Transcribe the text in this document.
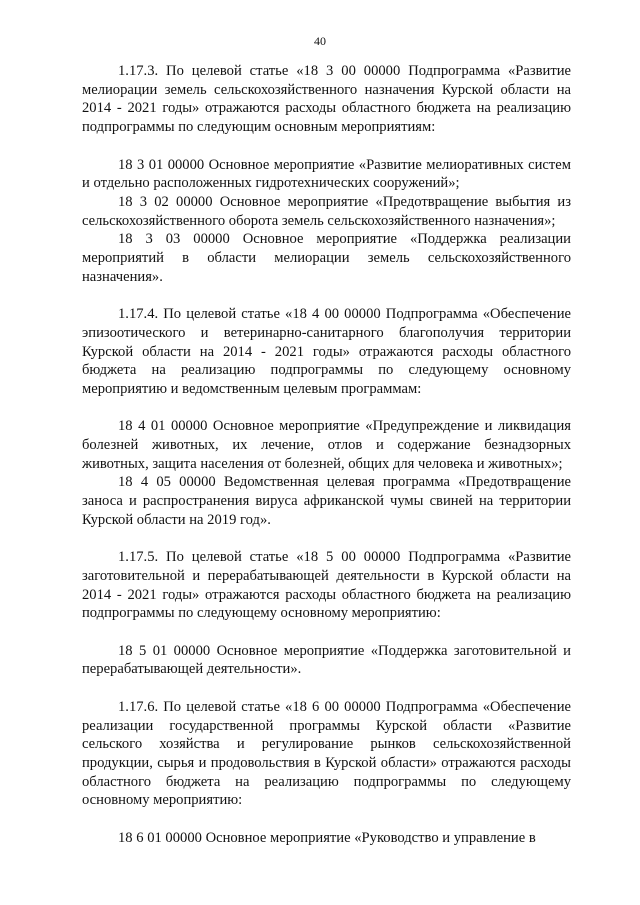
40

1.17.3. По целевой статье «18 3 00 00000 Подпрограмма «Развитие мелиорации земель сельскохозяйственного назначения Курской области на 2014 - 2021 годы» отражаются расходы областного бюджета на реализацию подпрограммы по следующим основным мероприятиям:

18 3 01 00000 Основное мероприятие «Развитие мелиоративных систем и отдельно расположенных гидротехнических сооружений»;

18 3 02 00000 Основное мероприятие «Предотвращение выбытия из сельскохозяйственного оборота земель сельскохозяйственного назначения»;

18 3 03 00000 Основное мероприятие «Поддержка реализации мероприятий в области мелиорации земель сельскохозяйственного назначения».

1.17.4. По целевой статье «18 4 00 00000 Подпрограмма «Обеспечение эпизоотического и ветеринарно-санитарного благополучия территории Курской области на 2014 - 2021 годы» отражаются расходы областного бюджета на реализацию подпрограммы по следующему основному мероприятию и ведомственным целевым программам:

18 4 01 00000 Основное мероприятие «Предупреждение и ликвидация болезней животных, их лечение, отлов и содержание безнадзорных животных, защита населения от болезней, общих для человека и животных»;

18 4 05 00000 Ведомственная целевая программа «Предотвращение заноса и распространения вируса африканской чумы свиней на территории Курской области на 2019 год».

1.17.5. По целевой статье «18 5 00 00000 Подпрограмма «Развитие заготовительной и перерабатывающей деятельности в Курской области на 2014 - 2021 годы» отражаются расходы областного бюджета на реализацию подпрограммы по следующему основному мероприятию:

18 5 01 00000 Основное мероприятие «Поддержка заготовительной и перерабатывающей деятельности».

1.17.6. По целевой статье «18 6 00 00000 Подпрограмма «Обеспечение реализации государственной программы Курской области «Развитие сельского хозяйства и регулирование рынков сельскохозяйственной продукции, сырья и продовольствия в Курской области» отражаются расходы областного бюджета на реализацию подпрограммы по следующему основному мероприятию:

18 6 01 00000 Основное мероприятие «Руководство и управление в
